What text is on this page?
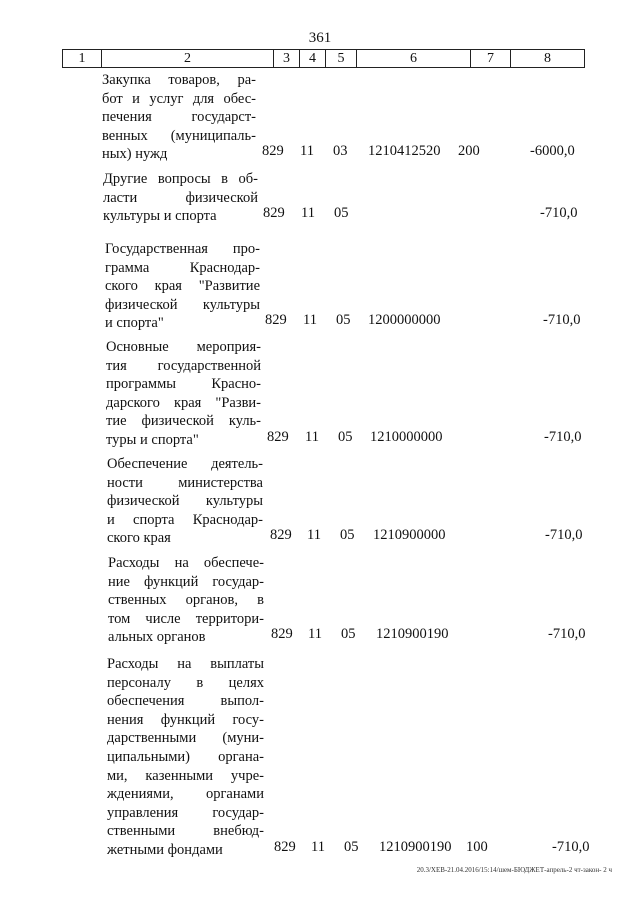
361
1	2	3	4	5	6	7	8
Закупка товаров, ра-
бот и услуг для обес-
печения государст-
венных (муниципаль-
ных) нужд	829 11 03 1210412520 200	-6000,0
Другие вопросы в об-
ласти физической
культуры и спорта	829 11 05	-710,0
Государственная про-
грамма Краснодар-
ского края "Развитие
физической культуры
и спорта"	829 11 05 1200000000	-710,0
Основные мероприя-
тия государственной
программы Красно-
дарского края "Разви-
тие физической куль-
туры и спорта"	829 11 05 1210000000	-710,0
Обеспечение деятель-
ности министерства
физической культуры
и спорта Краснодар-
ского края	829 11 05 1210900000	-710,0
Расходы на обеспече-
ние функций государ-
ственных органов, в
том числе территори-
альных органов	829 11 05 1210900190	-710,0
Расходы на выплаты
персоналу в целях
обеспечения выпол-
нения функций госу-
дарственными (муни-
ципальными) органа-
ми, казенными учре-
ждениями, органами
управления государ-
ственными внебюд-
жетными фондами	829 11 05 1210900190 100	-710,0
20.3/ХЕВ-21.04.2016/15:14/шем-БЮДЖЕТ-апрель-2 чт-закон- 2 ч
